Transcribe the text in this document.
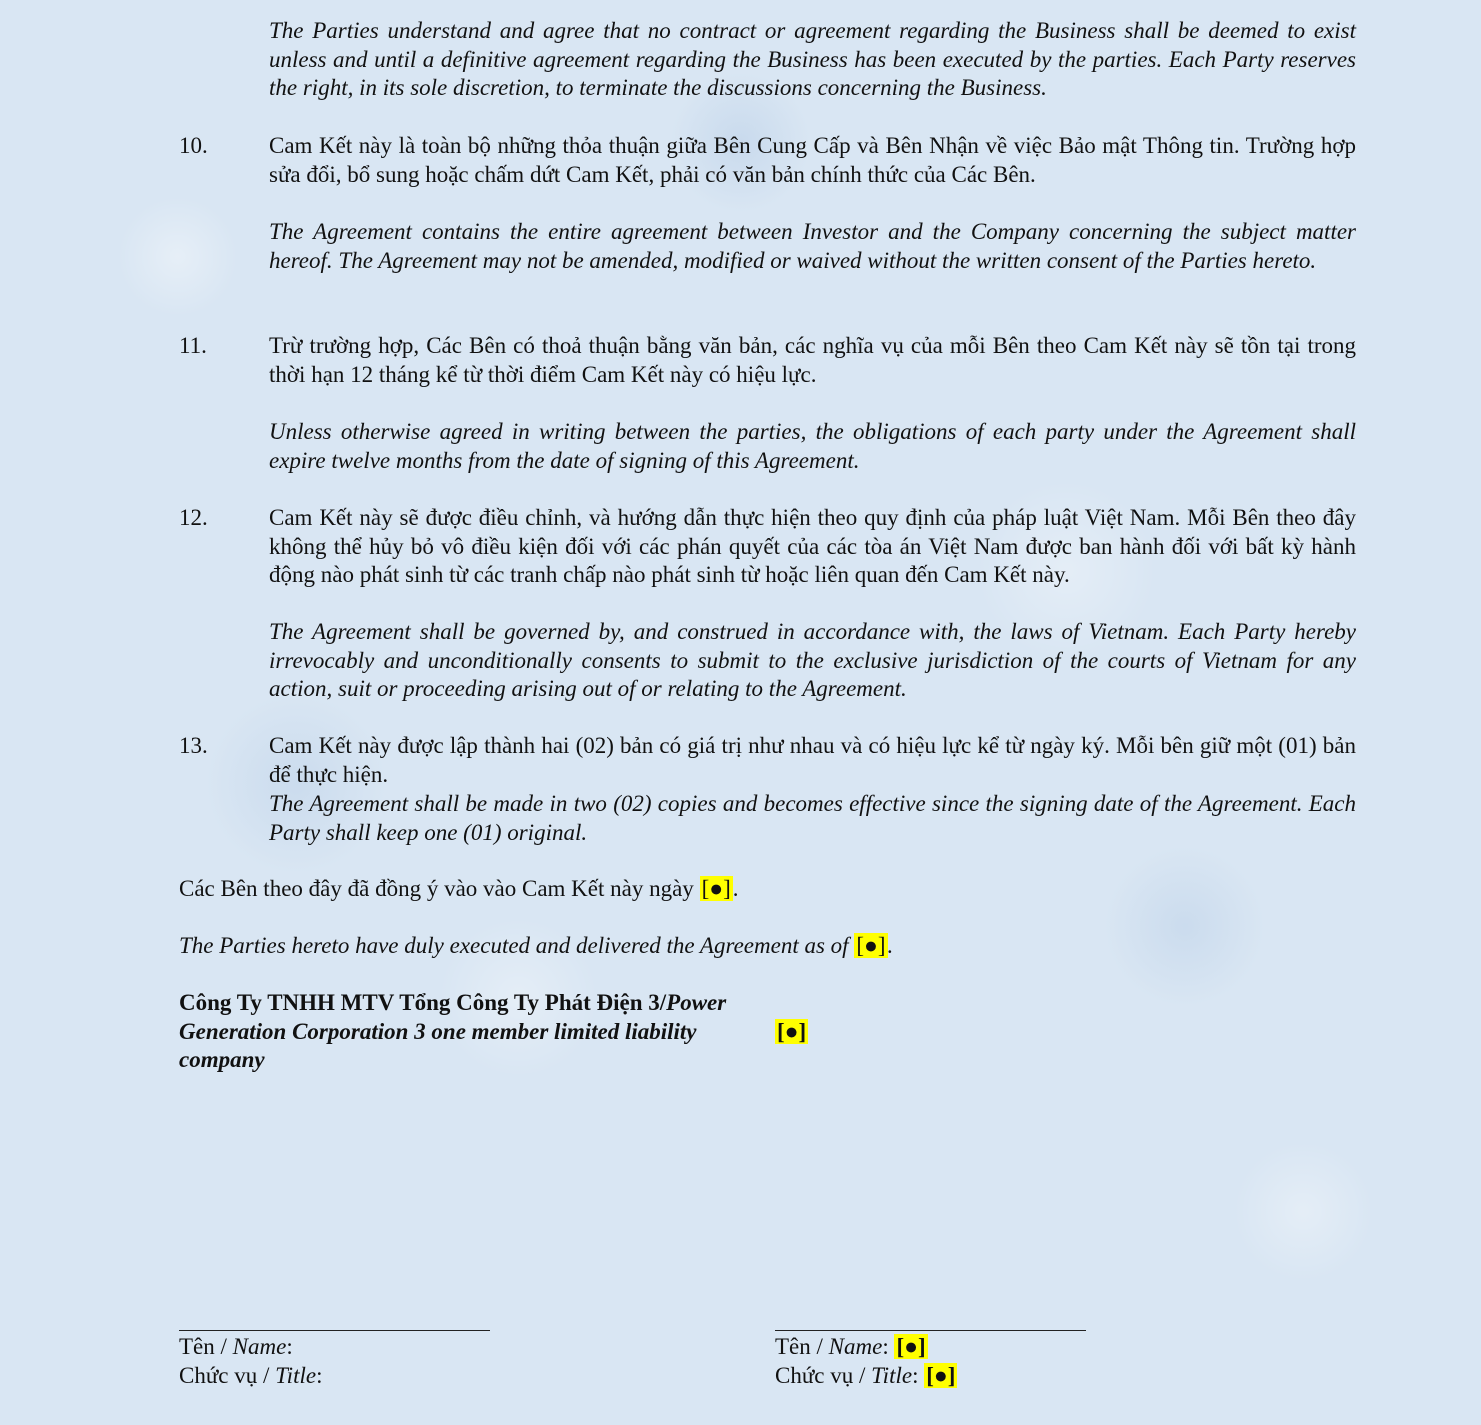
The Parties understand and agree that no contract or agreement regarding the Business shall be deemed to exist unless and until a definitive agreement regarding the Business has been executed by the parties. Each Party reserves the right, in its sole discretion, to terminate the discussions concerning the Business.
10.	Cam Kết này là toàn bộ những thỏa thuận giữa Bên Cung Cấp và Bên Nhận về việc Bảo mật Thông tin. Trường hợp sửa đổi, bổ sung hoặc chấm dứt Cam Kết, phải có văn bản chính thức của Các Bên.
The Agreement contains the entire agreement between Investor and the Company concerning the subject matter hereof. The Agreement may not be amended, modified or waived without the written consent of the Parties hereto.
11.	Trừ trường hợp, Các Bên có thoả thuận bằng văn bản, các nghĩa vụ của mỗi Bên theo Cam Kết này sẽ tồn tại trong thời hạn 12 tháng kể từ thời điểm Cam Kết này có hiệu lực.
Unless otherwise agreed in writing between the parties, the obligations of each party under the Agreement shall expire twelve months from the date of signing of this Agreement.
12.	Cam Kết này sẽ được điều chỉnh, và hướng dẫn thực hiện theo quy định của pháp luật Việt Nam. Mỗi Bên theo đây không thể hủy bỏ vô điều kiện đối với các phán quyết của các tòa án Việt Nam được ban hành đối với bất kỳ hành động nào phát sinh từ các tranh chấp nào phát sinh từ hoặc liên quan đến Cam Kết này.
The Agreement shall be governed by, and construed in accordance with, the laws of Vietnam. Each Party hereby irrevocably and unconditionally consents to submit to the exclusive jurisdiction of the courts of Vietnam for any action, suit or proceeding arising out of or relating to the Agreement.
13.	Cam Kết này được lập thành hai (02) bản có giá trị như nhau và có hiệu lực kể từ ngày ký. Mỗi bên giữ một (01) bản để thực hiện.
The Agreement shall be made in two (02) copies and becomes effective since the signing date of the Agreement. Each Party shall keep one (01) original.
Các Bên theo đây đã đồng ý vào vào Cam Kết này ngày [●].
The Parties hereto have duly executed and delivered the Agreement as of [●].
Công Ty TNHH MTV Tổng Công Ty Phát Điện 3/Power Generation Corporation 3 one member limited liability company
[●]
Tên / Name:
Chức vụ / Title:
Tên / Name: [●]
Chức vụ / Title: [●]
